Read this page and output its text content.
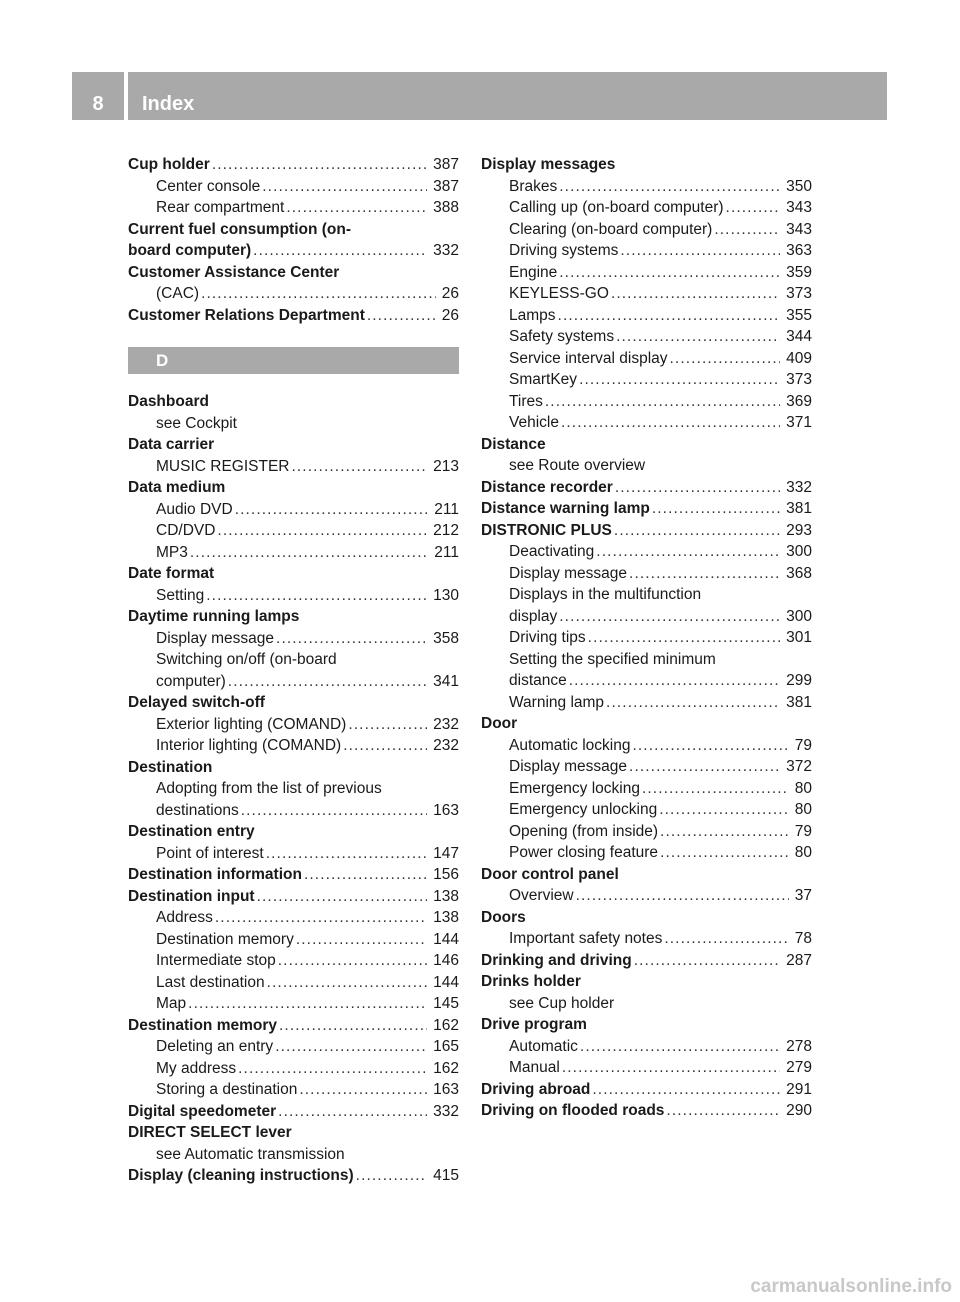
8	Index
Cup holder . . .	387
Center console . . .	387
Rear compartment . . .	388
Current fuel consumption (on-
board computer) . . .	332
Customer Assistance Center
(CAC) . . .	26
Customer Relations Department . . .	26
D
Dashboard
see Cockpit
Data carrier
MUSIC REGISTER . . .	213
Data medium
Audio DVD . . .	211
CD/DVD . . .	212
MP3 . . .	211
Date format
Setting . . .	130
Daytime running lamps
Display message . . .	358
Switching on/off (on-board
computer) . . .	341
Delayed switch-off
Exterior lighting (COMAND) . . .	232
Interior lighting (COMAND) . . .	232
Destination
Adopting from the list of previous
destinations . . .	163
Destination entry
Point of interest . . .	147
Destination information . . .	156
Destination input . . .	138
Address . . .	138
Destination memory . . .	144
Intermediate stop . . .	146
Last destination . . .	144
Map . . .	145
Destination memory . . .	162
Deleting an entry . . .	165
My address . . .	162
Storing a destination . . .	163
Digital speedometer . . .	332
DIRECT SELECT lever
see Automatic transmission
Display (cleaning instructions) . . .	415
Display messages
Brakes . . .	350
Calling up (on-board computer) . . .	343
Clearing (on-board computer) . . .	343
Driving systems . . .	363
Engine . . .	359
KEYLESS-GO . . .	373
Lamps . . .	355
Safety systems . . .	344
Service interval display . . .	409
SmartKey . . .	373
Tires . . .	369
Vehicle . . .	371
Distance
see Route overview
Distance recorder . . .	332
Distance warning lamp . . .	381
DISTRONIC PLUS . . .	293
Deactivating . . .	300
Display message . . .	368
Displays in the multifunction
display . . .	300
Driving tips . . .	301
Setting the specified minimum
distance . . .	299
Warning lamp . . .	381
Door
Automatic locking . . .	79
Display message . . .	372
Emergency locking . . .	80
Emergency unlocking . . .	80
Opening (from inside) . . .	79
Power closing feature . . .	80
Door control panel
Overview . . .	37
Doors
Important safety notes . . .	78
Drinking and driving . . .	287
Drinks holder
see Cup holder
Drive program
Automatic . . .	278
Manual . . .	279
Driving abroad . . .	291
Driving on flooded roads . . .	290
carmanualsonline.info
